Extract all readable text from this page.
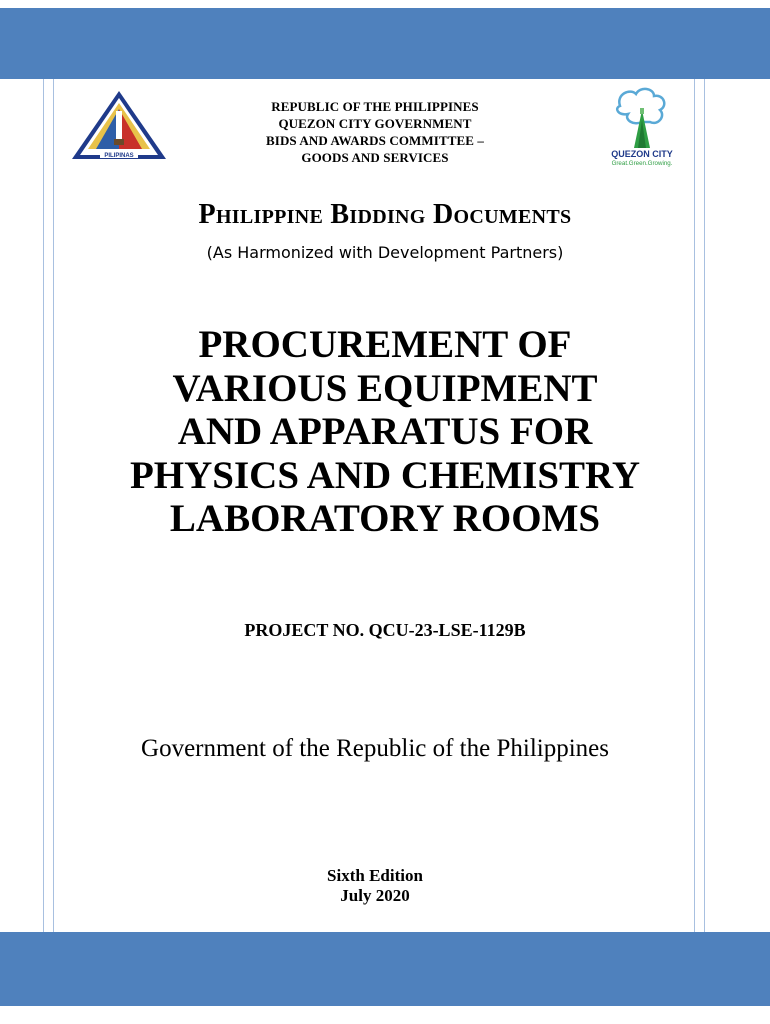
PILIPINAS	QUEZON CITY
Great.Green.Growing.
REPUBLIC OF THE PHILIPPINES
QUEZON CITY GOVERNMENT
BIDS AND AWARDS COMMITTEE –
GOODS AND SERVICES
Philippine Bidding Documents
(As Harmonized with Development Partners)
PROCUREMENT OF
VARIOUS EQUIPMENT
AND APPARATUS FOR
PHYSICS AND CHEMISTRY
LABORATORY ROOMS
PROJECT NO. QCU-23-LSE-1129B
Government of the Republic of the Philippines
Sixth Edition
July 2020
